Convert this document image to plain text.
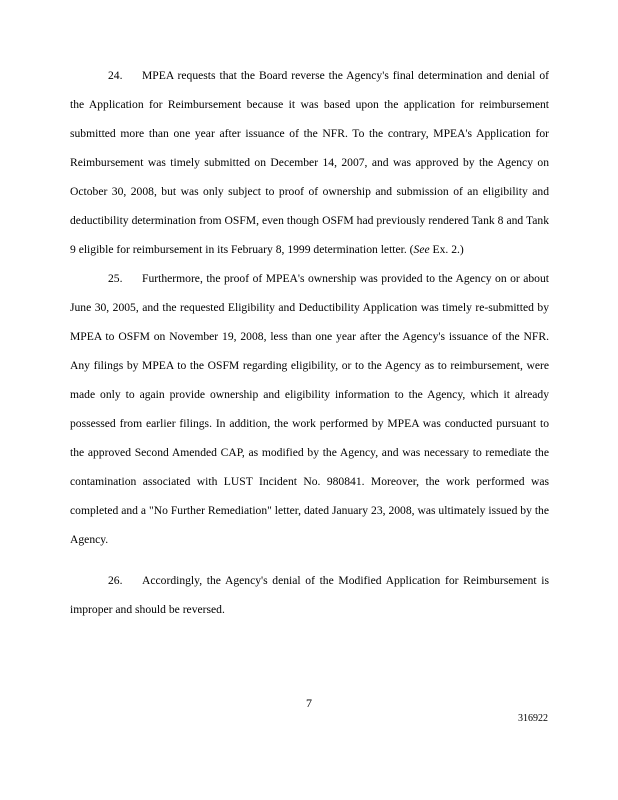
24. MPEA requests that the Board reverse the Agency's final determination and denial of the Application for Reimbursement because it was based upon the application for reimbursement submitted more than one year after issuance of the NFR. To the contrary, MPEA's Application for Reimbursement was timely submitted on December 14, 2007, and was approved by the Agency on October 30, 2008, but was only subject to proof of ownership and submission of an eligibility and deductibility determination from OSFM, even though OSFM had previously rendered Tank 8 and Tank 9 eligible for reimbursement in its February 8, 1999 determination letter. (See Ex. 2.)

25. Furthermore, the proof of MPEA's ownership was provided to the Agency on or about June 30, 2005, and the requested Eligibility and Deductibility Application was timely re-submitted by MPEA to OSFM on November 19, 2008, less than one year after the Agency's issuance of the NFR. Any filings by MPEA to the OSFM regarding eligibility, or to the Agency as to reimbursement, were made only to again provide ownership and eligibility information to the Agency, which it already possessed from earlier filings. In addition, the work performed by MPEA was conducted pursuant to the approved Second Amended CAP, as modified by the Agency, and was necessary to remediate the contamination associated with LUST Incident No. 980841. Moreover, the work performed was completed and a "No Further Remediation" letter, dated January 23, 2008, was ultimately issued by the Agency.

26. Accordingly, the Agency's denial of the Modified Application for Reimbursement is improper and should be reversed.

7
316922
